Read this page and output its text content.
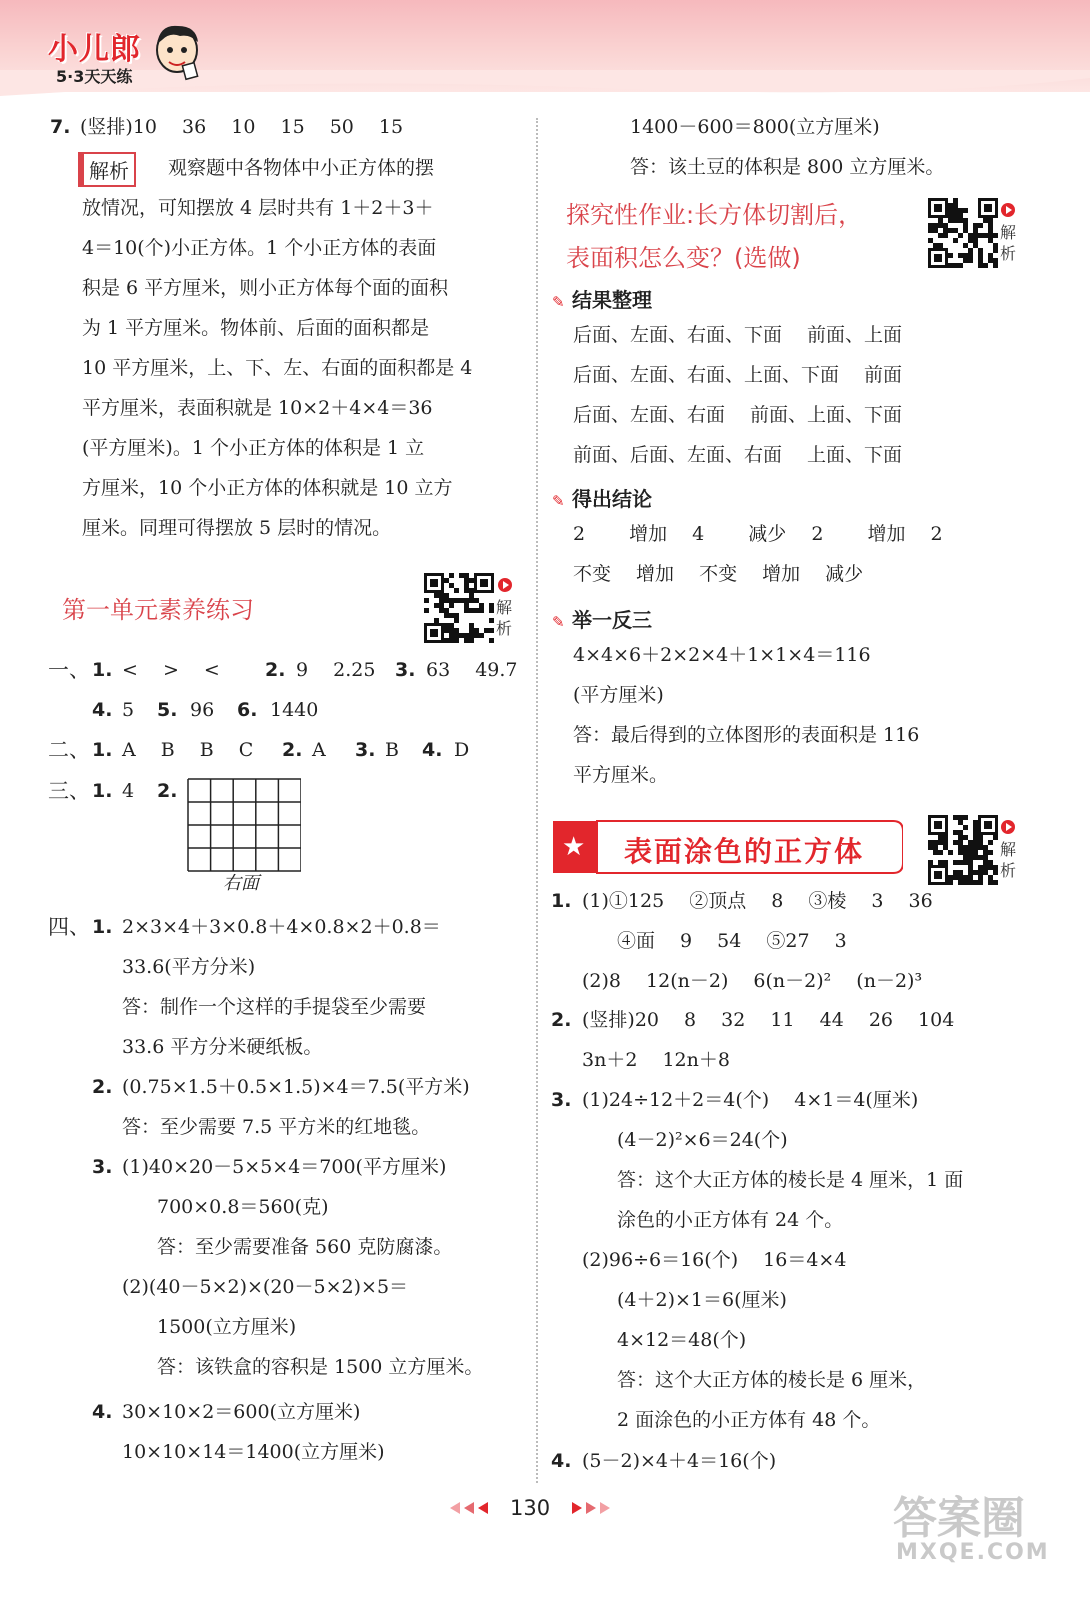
小儿郎
5·3天天练
7. (竖排)10　 36　 10　 15　 50　 15
解析	观察题中各物体中小正方体的摆
放情况，可知摆放 4 层时共有 1＋2＋3＋
4＝10(个)小正方体。1 个小正方体的表面
积是 6 平方厘米，则小正方体每个面的面积
为 1 平方厘米。物体前、后面的面积都是
10 平方厘米，上、下、左、右面的面积都是 4
平方厘米，表面积就是 10×2＋4×4＝36
(平方厘米)。1 个小正方体的体积是 1 立
方厘米，10 个小正方体的体积就是 10 立方
厘米。同理可得摆放 5 层时的情况。
第一单元素养练习	解析
一、 1. <　 >　 < 2. 9　 2.25 3. 63　 49.7
4. 5 5. 96 6. 1440
二、 1. A　 B　 B　 C 2. A 3. B 4. D
三、 1. 4 2.
右面
四、 1. 2×3×4＋3×0.8＋4×0.8×2＋0.8＝
33.6(平方分米)
答：制作一个这样的手提袋至少需要
33.6 平方分米硬纸板。
2. (0.75×1.5＋0.5×1.5)×4＝7.5(平方米)
答：至少需要 7.5 平方米的红地毯。
3. (1)40×20－5×5×4＝700(平方厘米)
700×0.8＝560(克)
答：至少需要准备 560 克防腐漆。
(2)(40－5×2)×(20－5×2)×5＝
1500(立方厘米)
答：该铁盒的容积是 1500 立方厘米。
4. 30×10×2＝600(立方厘米)
10×10×14＝1400(立方厘米)
1400－600＝800(立方厘米)
答：该土豆的体积是 800 立方厘米。
探究性作业:长方体切割后，
表面积怎么变？(选做)
解析
✎ 结果整理
后面、左面、右面、下面　 前面、上面
后面、左面、右面、上面、下面　 前面
后面、左面、右面　 前面、上面、下面
前面、后面、左面、右面　 上面、下面
✎ 得出结论
2　　 增加　 4　　 减少　 2　　 增加　 2
不变　 增加　 不变　 增加　 减少
✎ 举一反三
4×4×6＋2×2×4＋1×1×4＝116
(平方厘米)
答：最后得到的立体图形的表面积是 116
平方厘米。
★ 表面涂色的正方体	解析
1. (1)①125　 ②顶点　 8　 ③棱　 3　 36
④面　 9　 54　 ⑤27　 3
(2)8　 12(n－2)　 6(n－2)²　 (n－2)³
2. (竖排)20　 8　 32　 11　 44　 26　 104
3n＋2　 12n＋8
3. (1)24÷12＋2＝4(个)　 4×1＝4(厘米)
(4－2)²×6＝24(个)
答：这个大正方体的棱长是 4 厘米，1 面
涂色的小正方体有 24 个。
(2)96÷6＝16(个)　 16＝4×4
(4＋2)×1＝6(厘米)
4×12＝48(个)
答：这个大正方体的棱长是 6 厘米，
2 面涂色的小正方体有 48 个。
4. (5－2)×4＋4＝16(个)
130	答案圈
MXQE.COM
